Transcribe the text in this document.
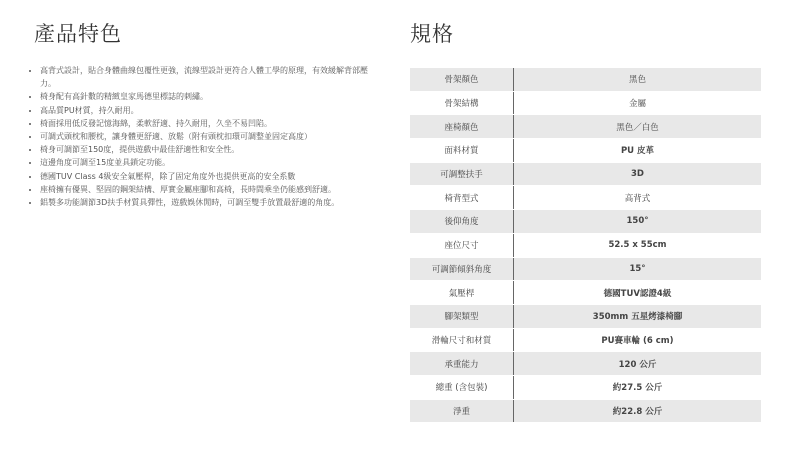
產品特色
• 高背式設計，貼合身體曲線包覆性更強，流線型設計更符合人體工學的原理，有效緩解背部壓力。
• 椅身配有高針數的精緻皇家馬德里標誌的刺繡。
• 高品質PU材質，持久耐用。
• 椅面採用低反發記憶海綿，柔軟舒適、持久耐用，久坐不易凹陷。
• 可調式頭枕和腰枕，讓身體更舒適、放鬆（附有頭枕扣環可調整並固定高度）
• 椅身可調節至150度，提供遊戲中最佳舒適性和安全性。
• 這邊角度可調至15度並具鎖定功能。
• 德國TUV Class 4級安全氣壓桿，除了固定角度外也提供更高的安全系數
• 座椅擁有優異、堅固的鋼架結構、厚實金屬座腳和高椅，長時間乘坐仍能感到舒適。
• 鋁製多功能調節3D扶手材質具彈性，遊戲娛休閒時，可調至雙手放置最舒適的角度。
規格
骨架顏色	黑色
骨架結構	金屬
座椅顏色	黑色／白色
面料材質	PU 皮革
可調整扶手	3D
椅背型式	高背式
後仰角度	150°
座位尺寸	52.5 x 55cm
可調節傾斜角度	15°
氣壓桿	德國TUV認證4級
腳架類型	350mm 五星烤漆椅腳
滑輪尺寸和材質	PU賽車輪 (6 cm)
承重能力	120 公斤
總重 (含包裝)	約27.5 公斤
淨重	約22.8 公斤
